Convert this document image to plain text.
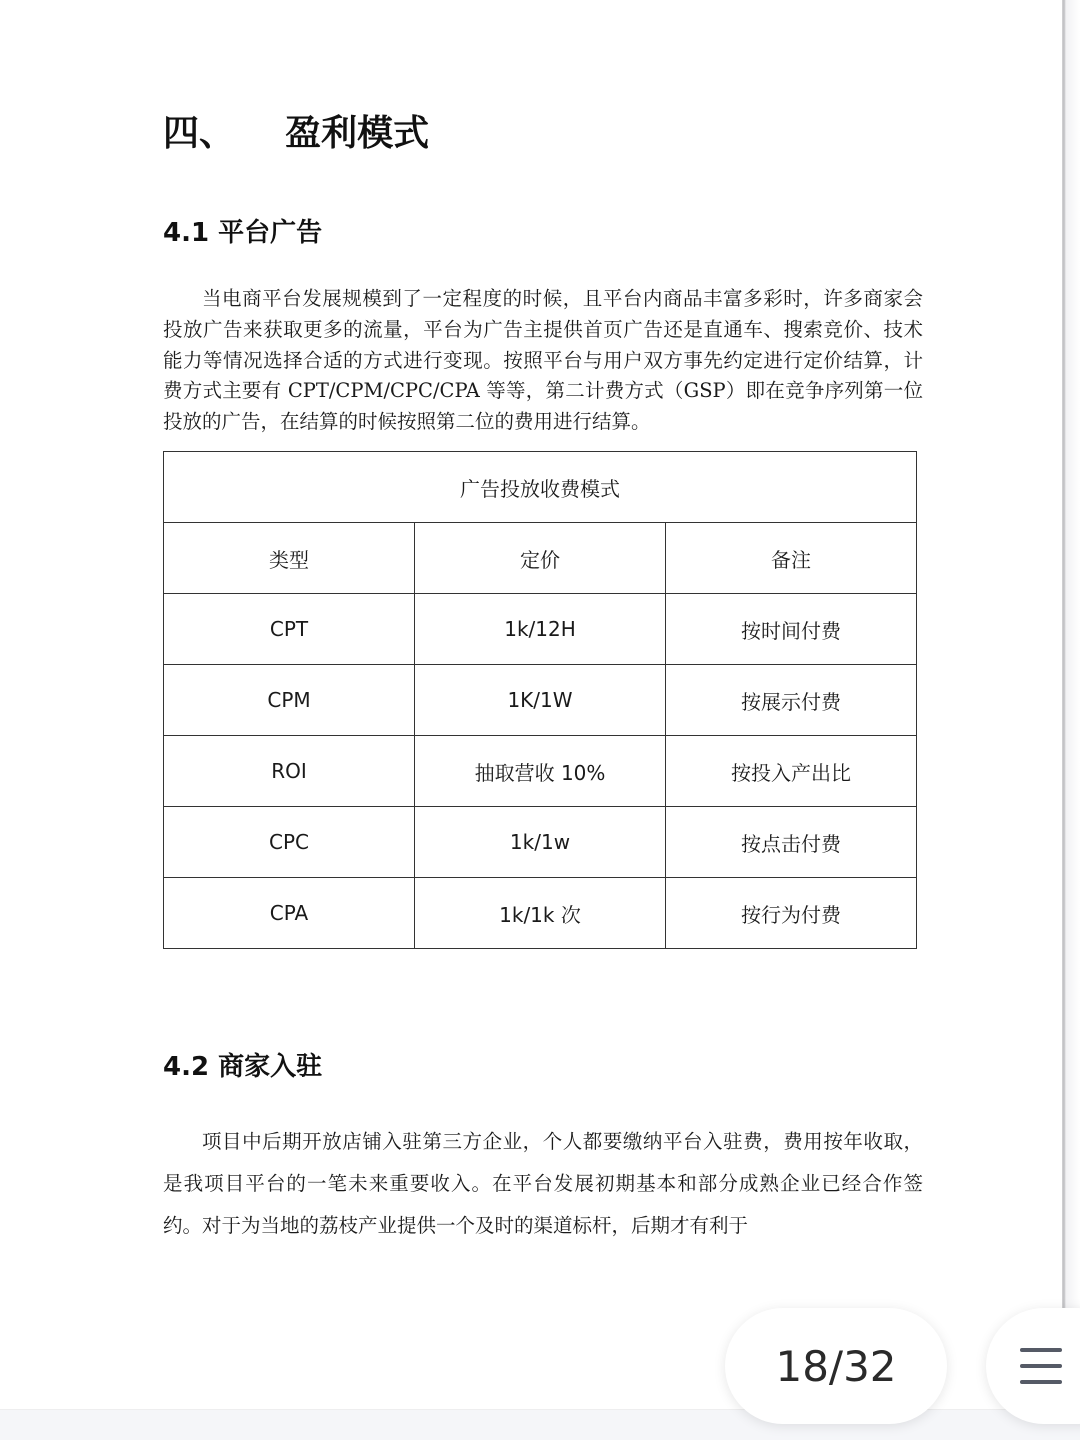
四、    盈利模式
4.1 平台广告

当电商平台发展规模到了一定程度的时候，且平台内商品丰富多彩时，许多商家会投放广告来获取更多的流量，平台为广告主提供首页广告还是直通车、搜索竞价、技术能力等情况选择合适的方式进行变现。按照平台与用户双方事先约定进行定价结算，计费方式主要有 CPT/CPM/CPC/CPA 等等，第二计费方式（GSP）即在竞争序列第一位投放的广告，在结算的时候按照第二位的费用进行结算。

广告投放收费模式		
类型	定价	备注
CPT	1k/12H	按时间付费
CPM	1K/1W	按展示付费
ROI	抽取营收 10%	按投入产出比
CPC	1k/1w	按点击付费
CPA	1k/1k 次	按行为付费
4.2 商家入驻

项目中后期开放店铺入驻第三方企业，个人都要缴纳平台入驻费，费用按年收取，是我项目平台的一笔未来重要收入。在平台发展初期基本和部分成熟企业已经合作签约。对于为当地的荔枝产业提供一个及时的渠道标杆，后期才有利于

18/32
